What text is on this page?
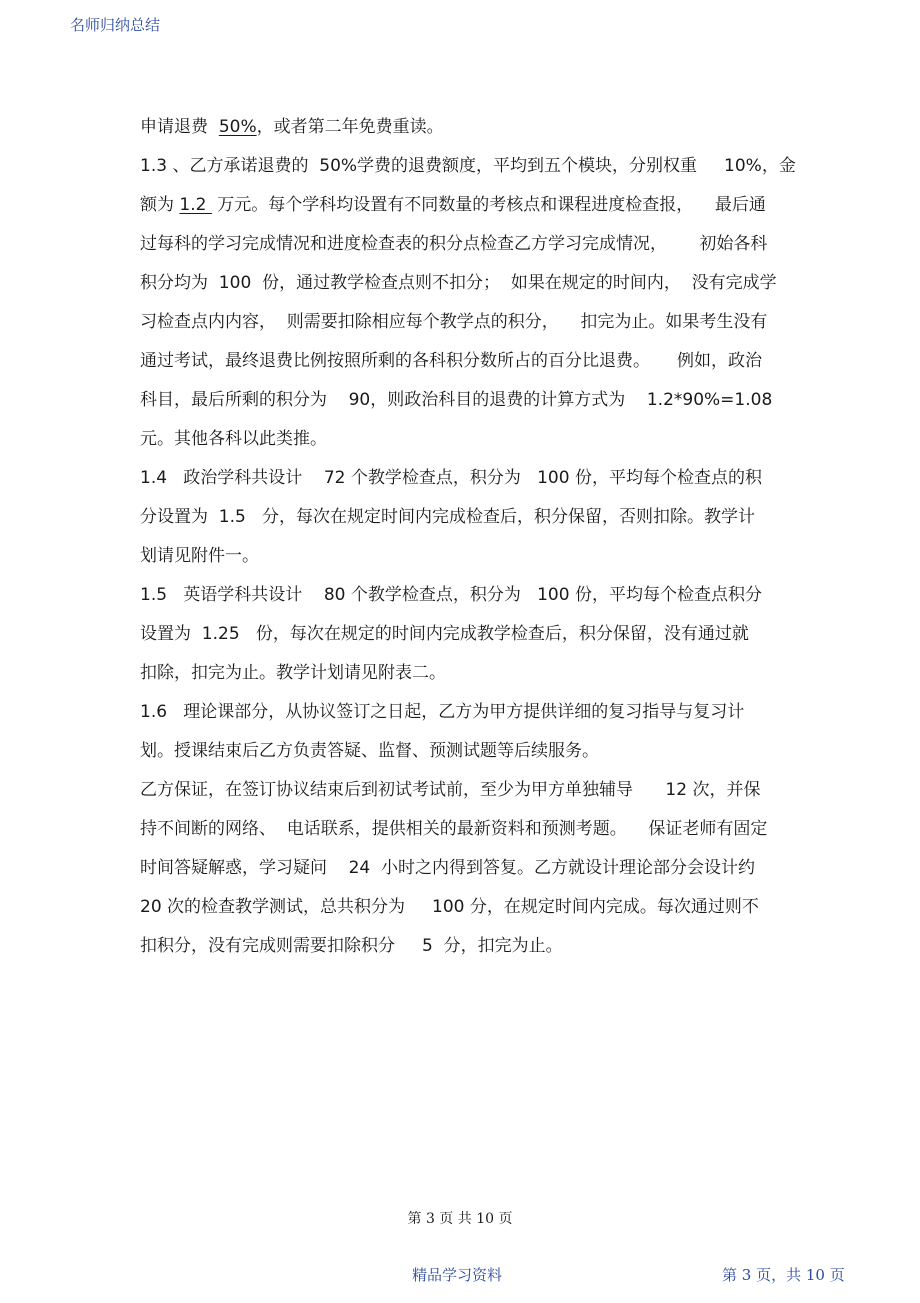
名师归纳总结
申请退费  50%，或者第二年免费重读。
1.3 、乙方承诺退费的  50%学费的退费额度，平均到五个模块，分别权重     10%，金
额为 1.2  万元。每个学科均设置有不同数量的考核点和课程进度检查报，    最后通
过每科的学习完成情况和进度检查表的积分点检查乙方学习完成情况，      初始各科
积分均为  100  份，通过教学检查点则不扣分；  如果在规定的时间内，  没有完成学
习检查点内内容，  则需要扣除相应每个教学点的积分，    扣完为止。如果考生没有
通过考试，最终退费比例按照所剩的各科积分数所占的百分比退费。     例如，政治
科目，最后所剩的积分为    90，则政治科目的退费的计算方式为    1.2*90%=1.08
元。其他各科以此类推。
1.4   政治学科共设计    72 个教学检查点，积分为   100 份，平均每个检查点的积
分设置为  1.5   分，每次在规定时间内完成检查后，积分保留，否则扣除。教学计
划请见附件一。
1.5   英语学科共设计    80 个教学检查点，积分为   100 份，平均每个检查点积分
设置为  1.25   份，每次在规定的时间内完成教学检查后，积分保留，没有通过就
扣除，扣完为止。教学计划请见附表二。
1.6   理论课部分，从协议签订之日起，乙方为甲方提供详细的复习指导与复习计
划。授课结束后乙方负责答疑、监督、预测试题等后续服务。
乙方保证，在签订协议结束后到初试考试前，至少为甲方单独辅导      12 次，并保
持不间断的网络、  电话联系，提供相关的最新资料和预测考题。    保证老师有固定
时间答疑解惑，学习疑问    24  小时之内得到答复。乙方就设计理论部分会设计约
20 次的检查教学测试，总共积分为     100 分，在规定时间内完成。每次通过则不
扣积分，没有完成则需要扣除积分     5  分，扣完为止。
第 3 页 共 10 页
精品学习资料	第 3 页，共 10 页
